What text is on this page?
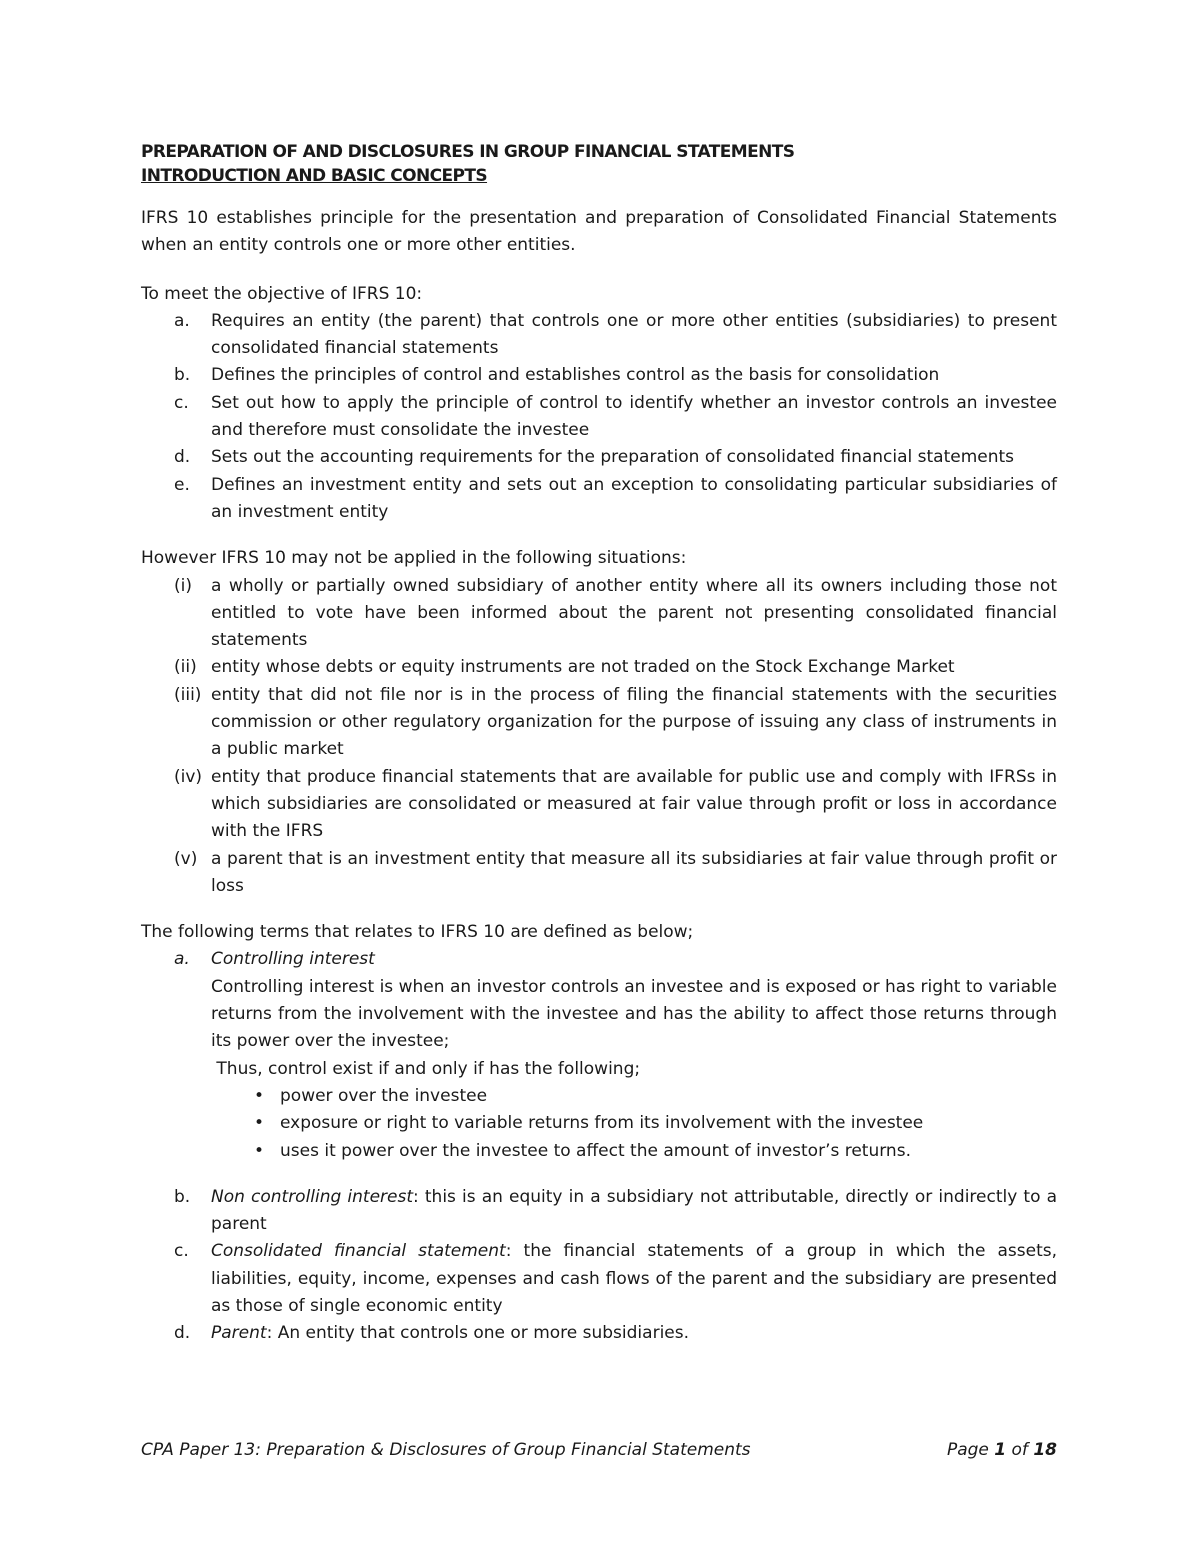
PREPARATION OF AND DISCLOSURES IN GROUP FINANCIAL STATEMENTS
INTRODUCTION AND BASIC CONCEPTS

IFRS 10 establishes principle for the presentation and preparation of Consolidated Financial Statements when an entity controls one or more other entities.

To meet the objective of IFRS 10:

a. Requires an entity (the parent) that controls one or more other entities (subsidiaries) to present consolidated financial statements
b. Defines the principles of control and establishes control as the basis for consolidation
c. Set out how to apply the principle of control to identify whether an investor controls an investee and therefore must consolidate the investee
d. Sets out the accounting requirements for the preparation of consolidated financial statements
e. Defines an investment entity and sets out an exception to consolidating particular subsidiaries of an investment entity

However IFRS 10 may not be applied in the following situations:

(i) a wholly or partially owned subsidiary of another entity where all its owners including those not entitled to vote have been informed about the parent not presenting consolidated financial statements
(ii) entity whose debts or equity instruments are not traded on the Stock Exchange Market
(iii) entity that did not file nor is in the process of filing the financial statements with the securities commission or other regulatory organization for the purpose of issuing any class of instruments in a public market
(iv) entity that produce financial statements that are available for public use and comply with IFRSs in which subsidiaries are consolidated or measured at fair value through profit or loss in accordance with the IFRS
(v) a parent that is an investment entity that measure all its subsidiaries at fair value through profit or loss

The following terms that relates to IFRS 10 are defined as below;

a. Controlling interest
Controlling interest is when an investor controls an investee and is exposed or has right to variable returns from the involvement with the investee and has the ability to affect those returns through its power over the investee;
Thus, control exist if and only if has the following;
• power over the investee
• exposure or right to variable returns from its involvement with the investee
• uses it power over the investee to affect the amount of investor’s returns.
b. Non controlling interest: this is an equity in a subsidiary not attributable, directly or indirectly to a parent
c. Consolidated financial statement: the financial statements of a group in which the assets, liabilities, equity, income, expenses and cash flows of the parent and the subsidiary are presented as those of single economic entity
d. Parent: An entity that controls one or more subsidiaries.
CPA Paper 13: Preparation & Disclosures of Group Financial Statements	Page 1 of 18
